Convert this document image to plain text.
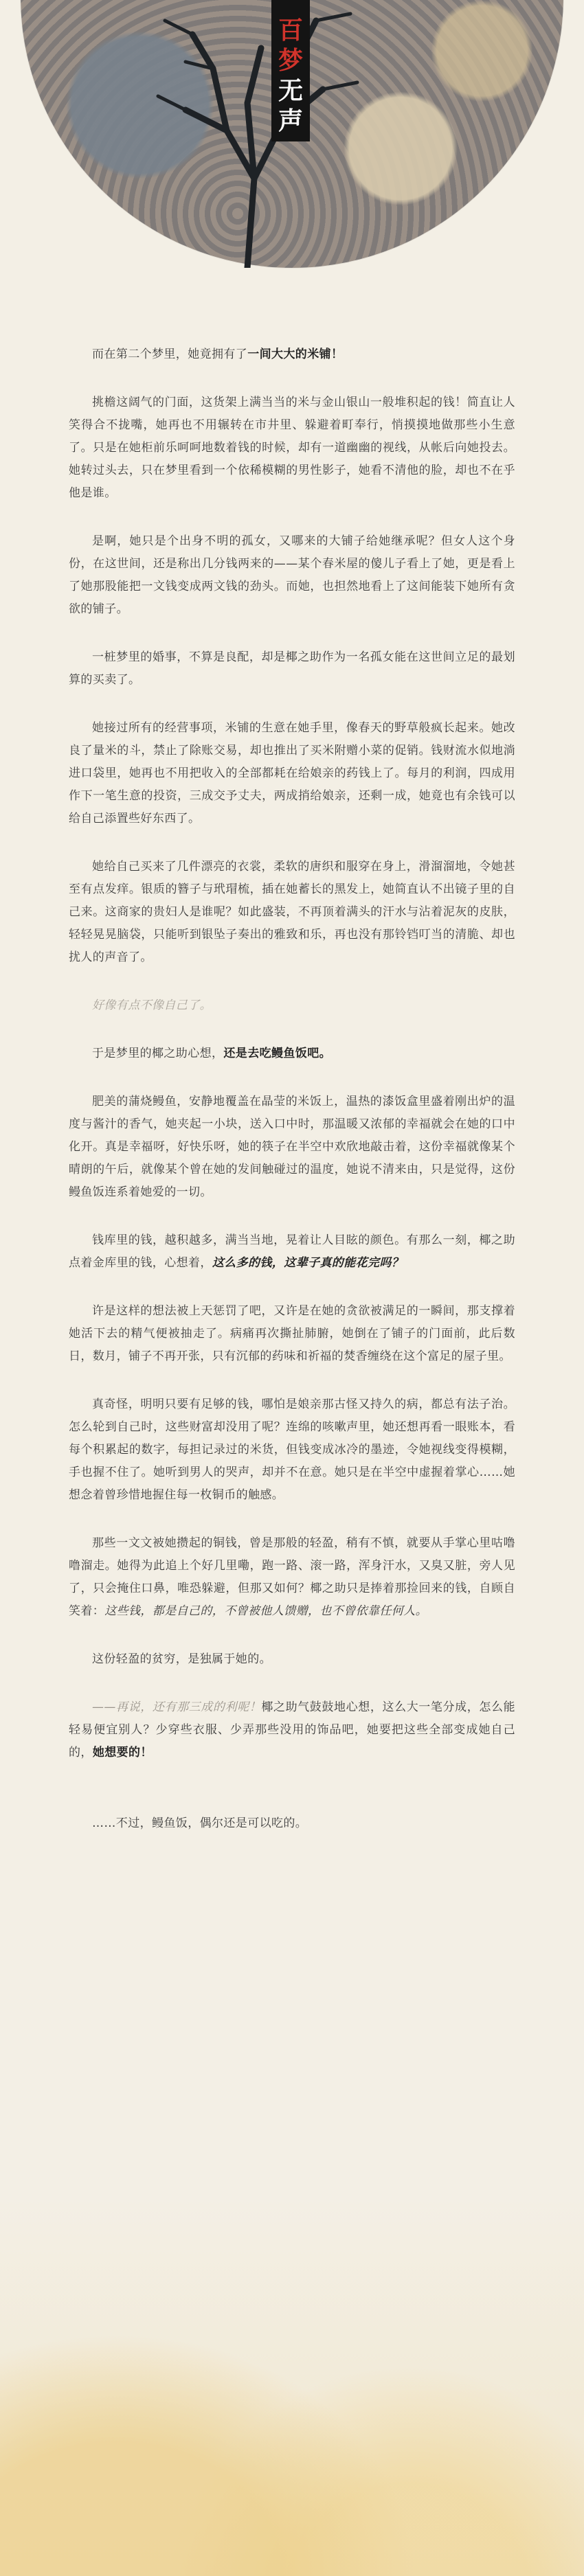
百
梦
无
声

而在第二个梦里，她竟拥有了一间大大的米铺！

挑檐这阔气的门面，这货架上满当当的米与金山银山一般堆积起的钱！简直让人笑得合不拢嘴，她再也不用辗转在市井里、躲避着町奉行，悄摸摸地做那些小生意了。只是在她柜前乐呵呵地数着钱的时候，却有一道幽幽的视线，从帐后向她投去。她转过头去，只在梦里看到一个依稀模糊的男性影子，她看不清他的脸，却也不在乎他是谁。

是啊，她只是个出身不明的孤女，又哪来的大铺子给她继承呢？但女人这个身份，在这世间，还是称出几分钱两来的——某个春米屋的傻儿子看上了她，更是看上了她那股能把一文钱变成两文钱的劲头。而她，也担然地看上了这间能装下她所有贪欲的铺子。

一桩梦里的婚事，不算是良配，却是椰之助作为一名孤女能在这世间立足的最划算的买卖了。

她接过所有的经营事项，米铺的生意在她手里，像春天的野草般疯长起来。她改良了量米的斗，禁止了除账交易，却也推出了买米附赠小菜的促销。钱财流水似地淌进口袋里，她再也不用把收入的全部都耗在给娘亲的药钱上了。每月的利润，四成用作下一笔生意的投资，三成交予丈夫，两成捎给娘亲，还剩一成，她竟也有余钱可以给自己添置些好东西了。

她给自己买来了几件漂亮的衣裳，柔软的唐织和服穿在身上，滑溜溜地，令她甚至有点发痒。银质的簪子与玳瑁梳，插在她蓄长的黑发上，她简直认不出镜子里的自己来。这商家的贵妇人是谁呢？如此盛装，不再顶着满头的汗水与沾着泥灰的皮肤，轻轻晃晃脑袋，只能听到银坠子奏出的雅致和乐，再也没有那铃铛叮当的清脆、却也扰人的声音了。

好像有点不像自己了。

于是梦里的椰之助心想，还是去吃鳗鱼饭吧。

肥美的蒲烧鳗鱼，安静地覆盖在晶莹的米饭上，温热的漆饭盒里盛着刚出炉的温度与酱汁的香气，她夹起一小块，送入口中时，那温暖又浓郁的幸福就会在她的口中化开。真是幸福呀，好快乐呀，她的筷子在半空中欢欣地敲击着，这份幸福就像某个晴朗的午后，就像某个曾在她的发间触碰过的温度，她说不清来由，只是觉得，这份鳗鱼饭连系着她爱的一切。

钱库里的钱，越积越多，满当当地，晃着让人目眩的颜色。有那么一刻，椰之助点着金库里的钱，心想着，这么多的钱，这辈子真的能花完吗？

许是这样的想法被上天惩罚了吧，又许是在她的贪欲被满足的一瞬间，那支撑着她活下去的精气便被抽走了。病痛再次撕扯肺腑，她倒在了铺子的门面前，此后数日，数月，铺子不再开张，只有沉郁的药味和祈福的焚香缠绕在这个富足的屋子里。

真奇怪，明明只要有足够的钱，哪怕是娘亲那古怪又持久的病，都总有法子治。怎么轮到自己时，这些财富却没用了呢？连绵的咳嗽声里，她还想再看一眼账本，看每个积累起的数字，每担记录过的米货，但钱变成冰冷的墨迹，令她视线变得模糊，手也握不住了。她听到男人的哭声，却并不在意。她只是在半空中虚握着掌心……她想念着曾珍惜地握住每一枚铜币的触感。

那些一文文被她攒起的铜钱，曾是那般的轻盈，稍有不慎，就要从手掌心里咕噜噜溜走。她得为此追上个好几里嘞，跑一路、滚一路，浑身汗水，又臭又脏，旁人见了，只会掩住口鼻，唯恐躲避，但那又如何？椰之助只是捧着那捡回来的钱，自顾自笑着：这些钱，都是自己的，不曾被他人馈赠，也不曾依靠任何人。

这份轻盈的贫穷，是独属于她的。

——再说，还有那三成的利呢！椰之助气鼓鼓地心想，这么大一笔分成，怎么能轻易便宜别人？少穿些衣服、少弄那些没用的饰品吧，她要把这些全部变成她自己的，她想要的！

……不过，鳗鱼饭，偶尔还是可以吃的。
